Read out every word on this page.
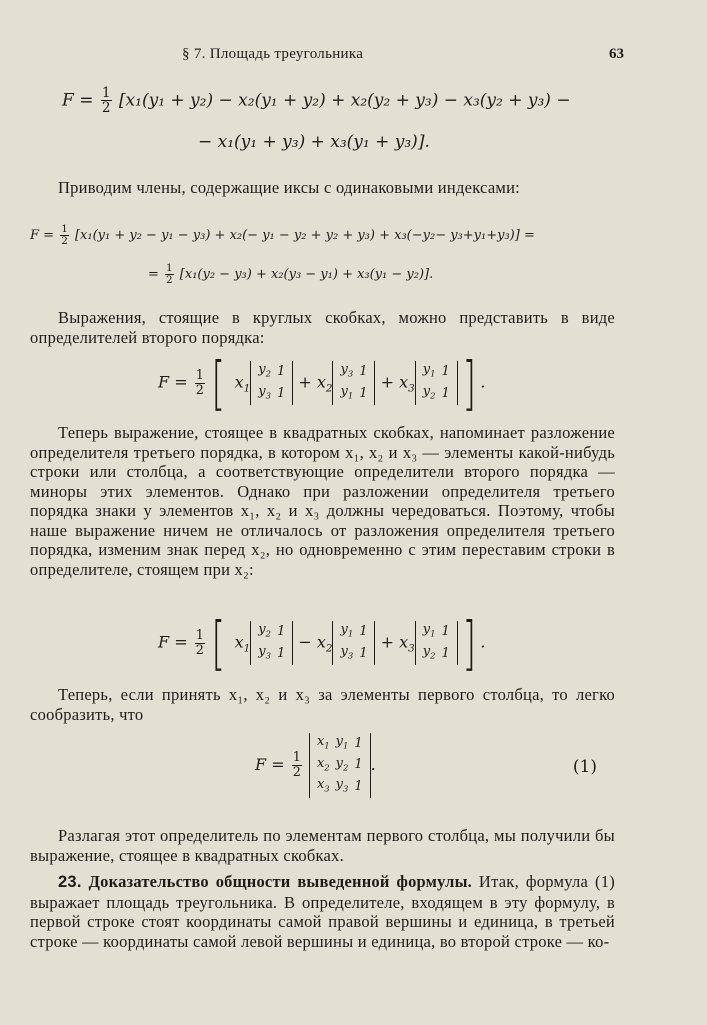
§ 7. Площадь треугольника	63
$F = \frac{1}{2} [x_1(y_1 + y_2) - x_2(y_1 + y_2) + x_2(y_2 + y_3) - x_3(y_2 + y_3)$ −
− x₁(y₁ + y₃) + x₃(y₁ + y₃)].

Приводим члены, содержащие иксы с одинаковыми индексами:

$F = \frac{1}{2} [x_1(y_1 + y_2 - y_1 - y_3) + x_2(- y_1 - y_2 + y_2 + y_3) + x_3(-y_2- y_3+y_1+y_3)]$ =
= $\frac{1}{2} [x_1(y_2 - y_3) + x_2(y_3 - y_1) + x_3(y_1 - y_2)]$.

Выражения, стоящие в круглых скобках, можно представить в виде определителей второго порядка:

$F = \frac{1}{2}$ [ $x_1$
$y_2$	1
$y_3$	1
+ $x_2$
$y_3$	1
$y_1$	1
+ $x_3$
$y_1$	1
$y_2$	1 ] .

Теперь выражение, стоящее в квадратных скобках, напоминает разложение определителя третьего порядка, в котором x₁, x₂ и x₃ — элементы какой-нибудь строки или столбца, а соответствующие определители второго порядка — миноры этих элементов. Однако при разложении определителя третьего порядка знаки у элементов x₁, x₂ и x₃ должны чередоваться. Поэтому, чтобы наше выражение ничем не отличалось от разложения определителя третьего порядка, изменим знак перед x₂, но одновременно с этим переставим строки в определителе, стоящем при x₂:

$F = \frac{1}{2}$ [ $x_1$
$y_2$	1
$y_3$	1
− $x_2$
$y_1$	1
$y_3$	1
+ $x_3$
$y_1$	1
$y_2$	1 ] .

Теперь, если принять x₁, x₂ и x₃ за элементы первого столбца, то легко сообразить, что

$F = \frac{1}{2}$

$x_1$	$y_1$	1
$x_2$	$y_2$	1
$x_3$	$y_3$	1
.	(1)

Разлагая этот определитель по элементам первого столбца, мы получили бы выражение, стоящее в квадратных скобках.

23. Доказательство общности выведенной формулы. Итак, формула (1) выражает площадь треугольника. В определителе, входящем в эту формулу, в первой строке стоят координаты самой правой вершины и единица, в третьей строке — координаты самой левой вершины и единица, во второй строке — ко-
